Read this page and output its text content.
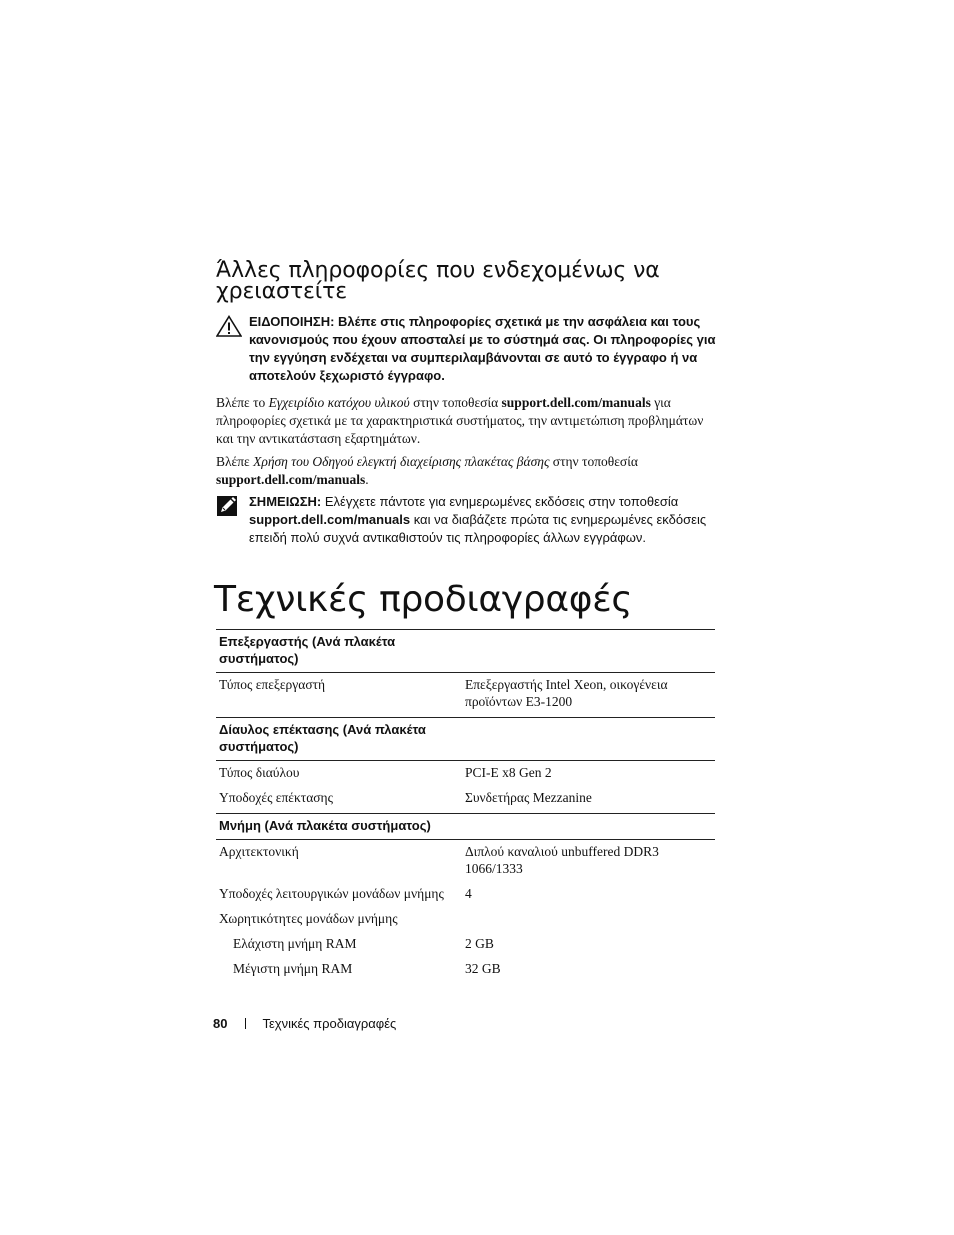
Άλλες πληροφορίες που ενδεχομένως να χρειαστείτε
ΕΙΔΟΠΟΙΗΣΗ: Βλέπε στις πληροφορίες σχετικά με την ασφάλεια και τους κανονισμούς που έχουν αποσταλεί με το σύστημά σας. Οι πληροφορίες για την εγγύηση ενδέχεται να συμπεριλαμβάνονται σε αυτό το έγγραφο ή να αποτελούν ξεχωριστό έγγραφο.

Βλέπε το Εγχειρίδιο κατόχου υλικού στην τοποθεσία support.dell.com/manuals για πληροφορίες σχετικά με τα χαρακτηριστικά συστήματος, την αντιμετώπιση προβλημάτων και την αντικατάσταση εξαρτημάτων.

Βλέπε Χρήση του Οδηγού ελεγκτή διαχείρισης πλακέτας βάσης στην τοποθεσία support.dell.com/manuals.

ΣΗΜΕΙΩΣΗ: Ελέγχετε πάντοτε για ενημερωμένες εκδόσεις στην τοποθεσία support.dell.com/manuals και να διαβάζετε πρώτα τις ενημερωμένες εκδόσεις επειδή πολύ συχνά αντικαθιστούν τις πληροφορίες άλλων εγγράφων.
Τεχνικές προδιαγραφές
Επεξεργαστής (Ανά πλακέτα συστήματος)
Τύπος επεξεργαστή	Επεξεργαστής Intel Xeon, οικογένεια προϊόντων E3-1200
Δίαυλος επέκτασης (Ανά πλακέτα συστήματος)
Τύπος διαύλου	PCI-E x8 Gen 2
Υποδοχές επέκτασης	Συνδετήρας Mezzanine
Μνήμη (Ανά πλακέτα συστήματος)
Αρχιτεκτονική	Διπλού καναλιού unbuffered DDR3 1066/1333
Υποδοχές λειτουργικών μονάδων μνήμης	4
Χωρητικότητες μονάδων μνήμης
Ελάχιστη μνήμη RAM	2 GB
Μέγιστη μνήμη RAM	32 GB
80	Τεχνικές προδιαγραφές
